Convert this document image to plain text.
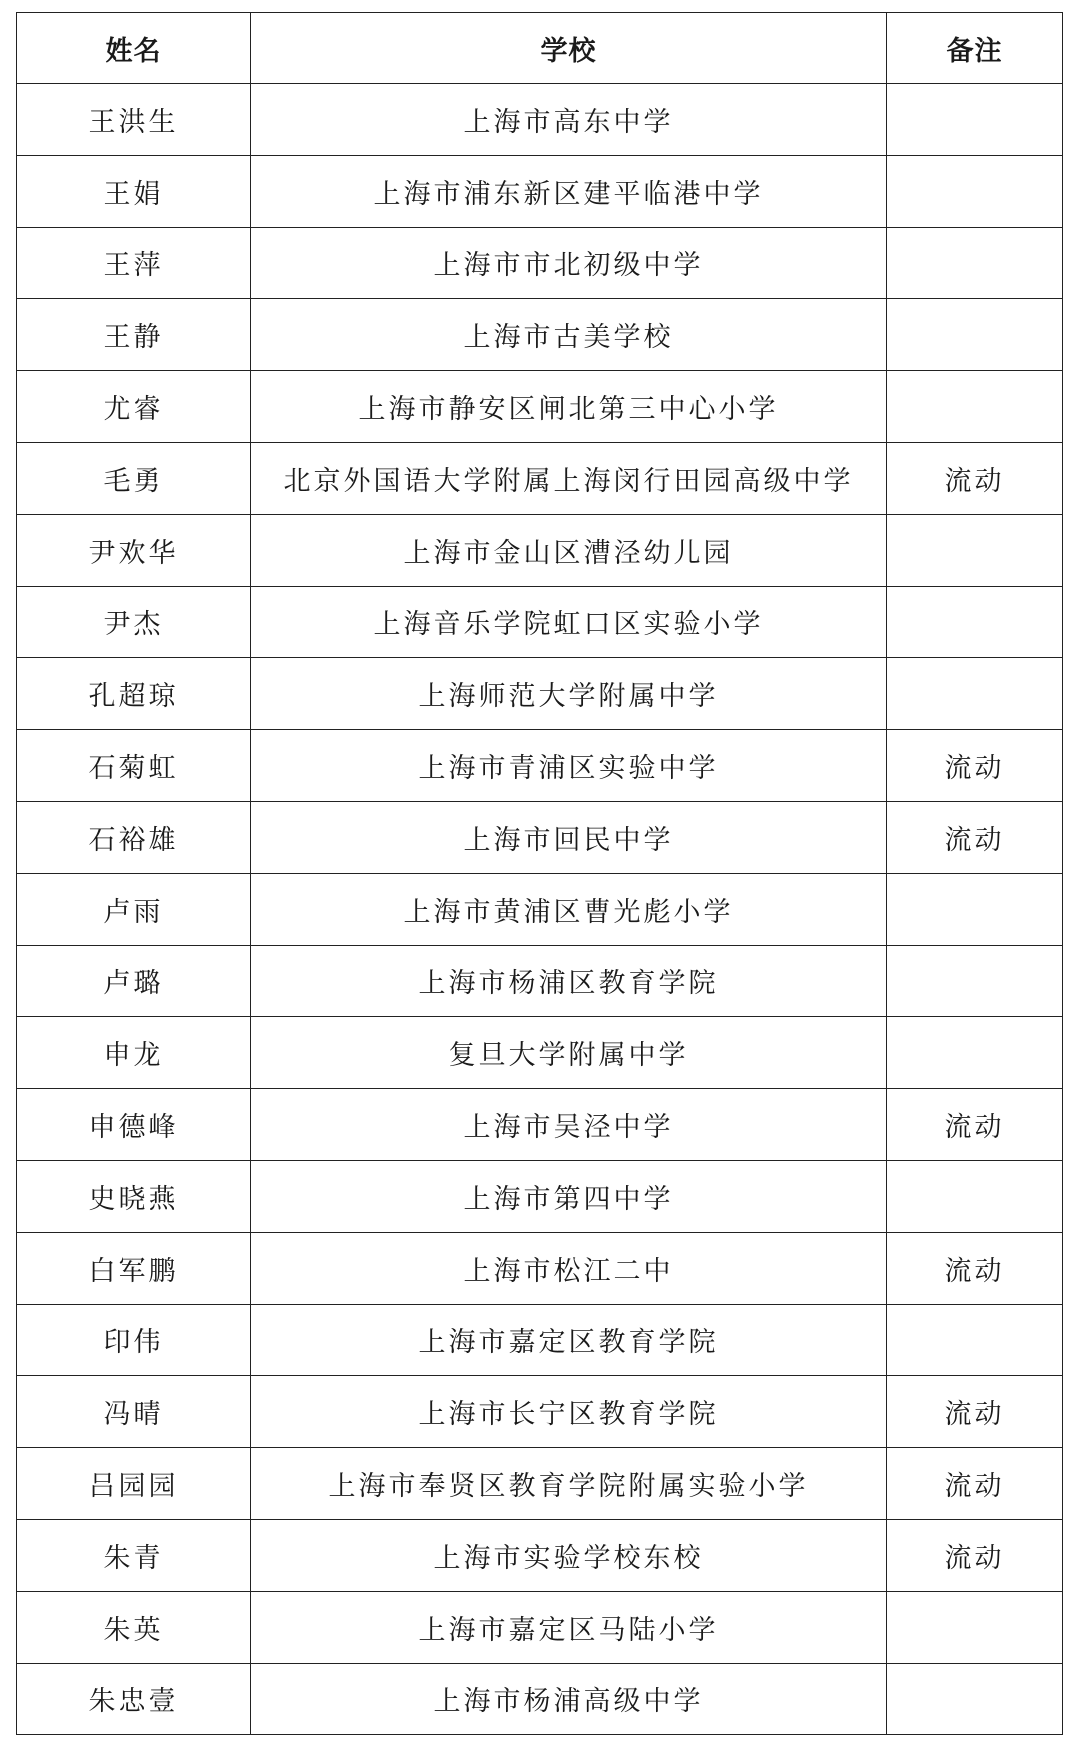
姓名	学校	备注
王洪生	上海市高东中学	
王娟	上海市浦东新区建平临港中学	
王萍	上海市市北初级中学	
王静	上海市古美学校	
尤睿	上海市静安区闸北第三中心小学	
毛勇	北京外国语大学附属上海闵行田园高级中学	流动
尹欢华	上海市金山区漕泾幼儿园	
尹杰	上海音乐学院虹口区实验小学	
孔超琼	上海师范大学附属中学	
石菊虹	上海市青浦区实验中学	流动
石裕雄	上海市回民中学	流动
卢雨	上海市黄浦区曹光彪小学	
卢璐	上海市杨浦区教育学院	
申龙	复旦大学附属中学	
申德峰	上海市吴泾中学	流动
史晓燕	上海市第四中学	
白军鹏	上海市松江二中	流动
印伟	上海市嘉定区教育学院	
冯晴	上海市长宁区教育学院	流动
吕园园	上海市奉贤区教育学院附属实验小学	流动
朱青	上海市实验学校东校	流动
朱英	上海市嘉定区马陆小学	
朱忠壹	上海市杨浦高级中学	
